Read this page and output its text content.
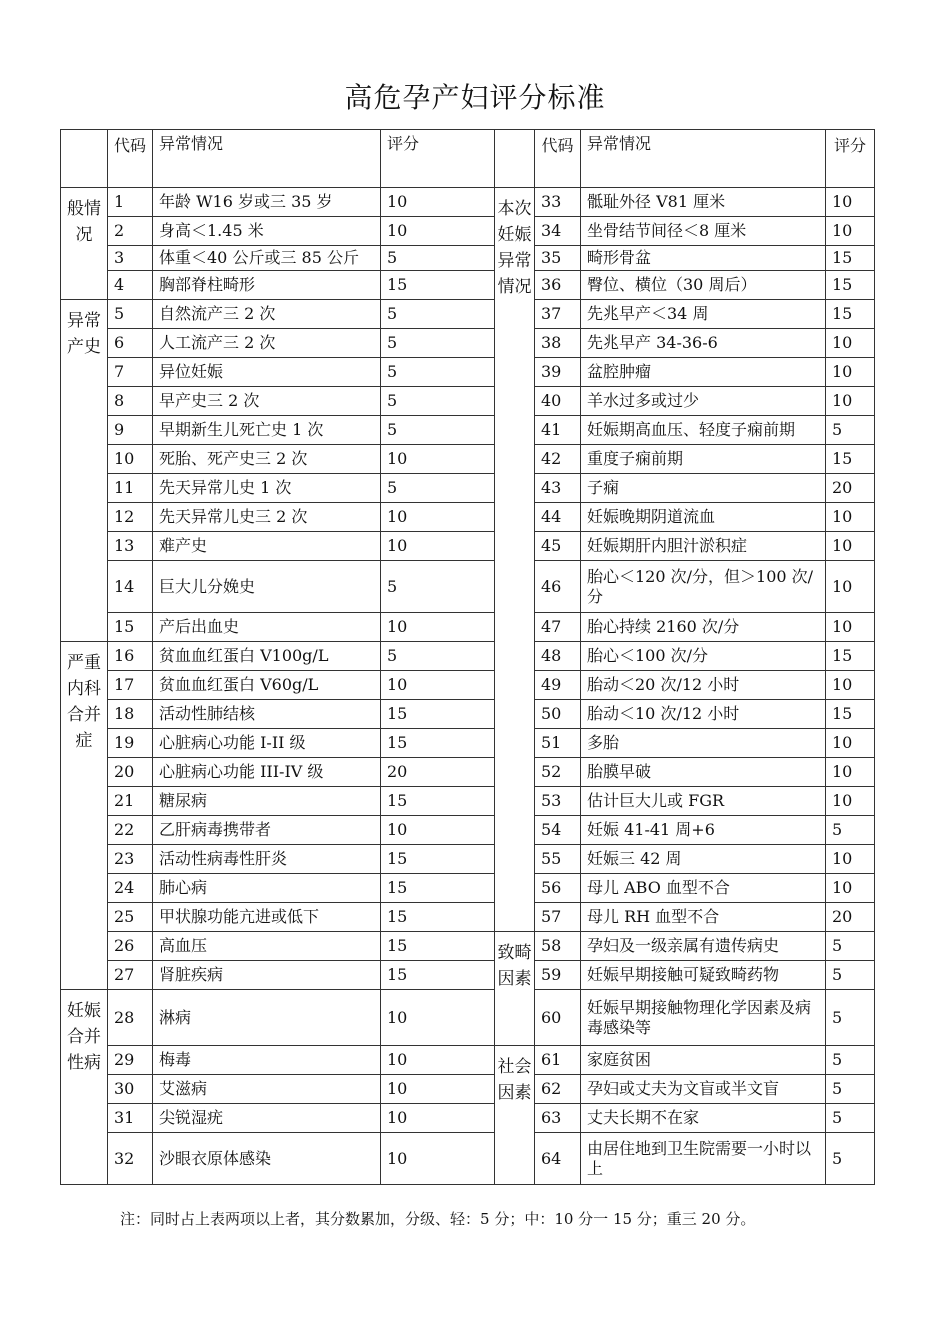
高危孕产妇评分标准
	代码	异常情况	评分		代码	异常情况	评分
般情况	1	年龄 W16 岁或三 35 岁	10	本次妊娠异常情况	33	骶耻外径 V81 厘米	10
	2	身高＜1.45 米	10		34	坐骨结节间径＜8 厘米	10
	3	体重＜40 公斤或三 85 公斤	5		35	畸形骨盆	15
	4	胸部脊柱畸形	15		36	臀位、横位（30 周后）	15
异常产史	5	自然流产三 2 次	5		37	先兆早产＜34 周	15
	6	人工流产三 2 次	5		38	先兆早产 34-36-6	10
	7	异位妊娠	5		39	盆腔肿瘤	10
	8	早产史三 2 次	5		40	羊水过多或过少	10
	9	早期新生儿死亡史 1 次	5		41	妊娠期高血压、轻度子痫前期	5
	10	死胎、死产史三 2 次	10		42	重度子痫前期	15
	11	先天异常儿史 1 次	5		43	子痫	20
	12	先天异常儿史三 2 次	10		44	妊娠晚期阴道流血	10
	13	难产史	10		45	妊娠期肝内胆汁淤积症	10
	14	巨大儿分娩史	5		46	胎心＜120 次/分，但＞100 次/分	10
	15	产后出血史	10		47	胎心持续 2160 次/分	10
严重内科合并症	16	贫血血红蛋白 V100g/L	5		48	胎心＜100 次/分	15
	17	贫血血红蛋白 V60g/L	10		49	胎动＜20 次/12 小时	10
	18	活动性肺结核	15		50	胎动＜10 次/12 小时	15
	19	心脏病心功能 I-II 级	15		51	多胎	10
	20	心脏病心功能 III-IV 级	20		52	胎膜早破	10
	21	糖尿病	15		53	估计巨大儿或 FGR	10
	22	乙肝病毒携带者	10		54	妊娠 41-41 周+6	5
	23	活动性病毒性肝炎	15		55	妊娠三 42 周	10
	24	肺心病	15		56	母儿 ABO 血型不合	10
	25	甲状腺功能亢进或低下	15		57	母儿 RH 血型不合	20
	26	高血压	15	致畸因素	58	孕妇及一级亲属有遗传病史	5
	27	肾脏疾病	15		59	妊娠早期接触可疑致畸药物	5
妊娠合并性病	28	淋病	10		60	妊娠早期接触物理化学因素及病毒感染等	5
	29	梅毒	10	社会因素	61	家庭贫困	5
	30	艾滋病	10		62	孕妇或丈夫为文盲或半文盲	5
	31	尖锐湿疣	10		63	丈夫长期不在家	5
	32	沙眼衣原体感染	10		64	由居住地到卫生院需要一小时以上	5
注：同时占上表两项以上者，其分数累加，分级、轻：5 分；中：10 分一 15 分；重三 20 分。
